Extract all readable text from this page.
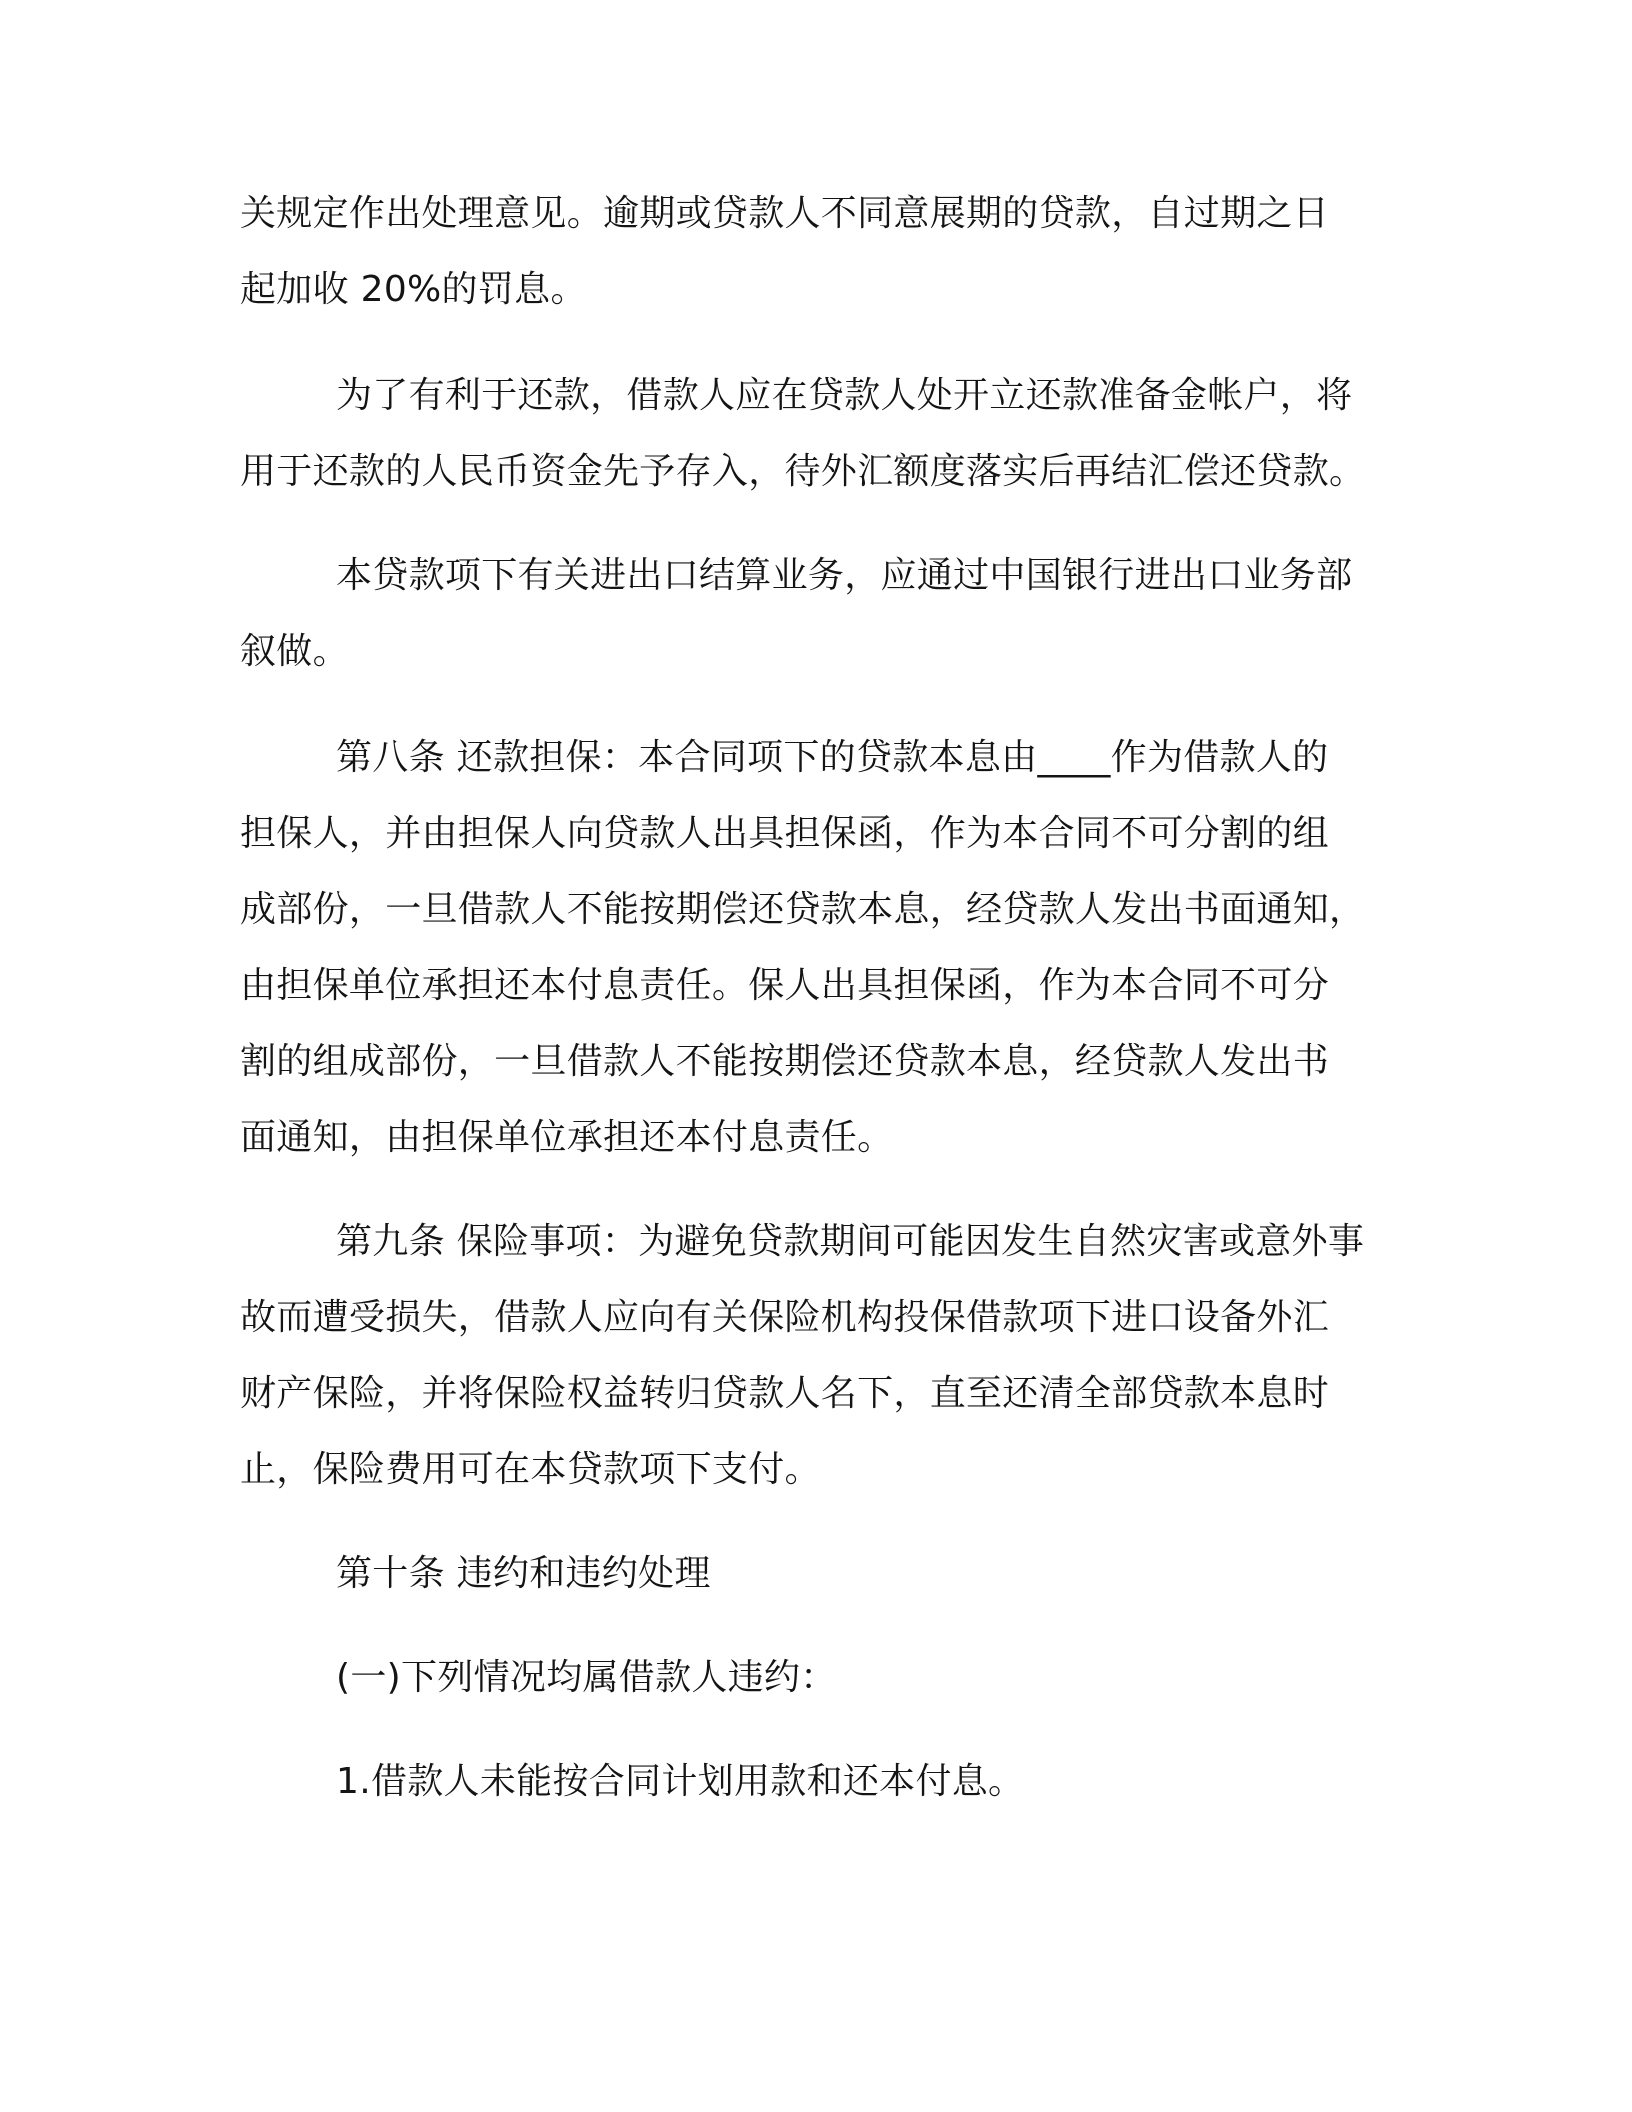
关规定作出处理意见。逾期或贷款人不同意展期的贷款，自过期之日
起加收 20%的罚息。
为了有利于还款，借款人应在贷款人处开立还款准备金帐户，将
用于还款的人民币资金先予存入，待外汇额度落实后再结汇偿还贷款。
本贷款项下有关进出口结算业务，应通过中国银行进出口业务部
叙做。
第八条 还款担保：本合同项下的贷款本息由____作为借款人的
担保人，并由担保人向贷款人出具担保函，作为本合同不可分割的组
成部份，一旦借款人不能按期偿还贷款本息，经贷款人发出书面通知，
由担保单位承担还本付息责任。保人出具担保函，作为本合同不可分
割的组成部份，一旦借款人不能按期偿还贷款本息，经贷款人发出书
面通知，由担保单位承担还本付息责任。
第九条 保险事项：为避免贷款期间可能因发生自然灾害或意外事
故而遭受损失，借款人应向有关保险机构投保借款项下进口设备外汇
财产保险，并将保险权益转归贷款人名下，直至还清全部贷款本息时
止，保险费用可在本贷款项下支付。
第十条 违约和违约处理
(一)下列情况均属借款人违约：
1.借款人未能按合同计划用款和还本付息。
